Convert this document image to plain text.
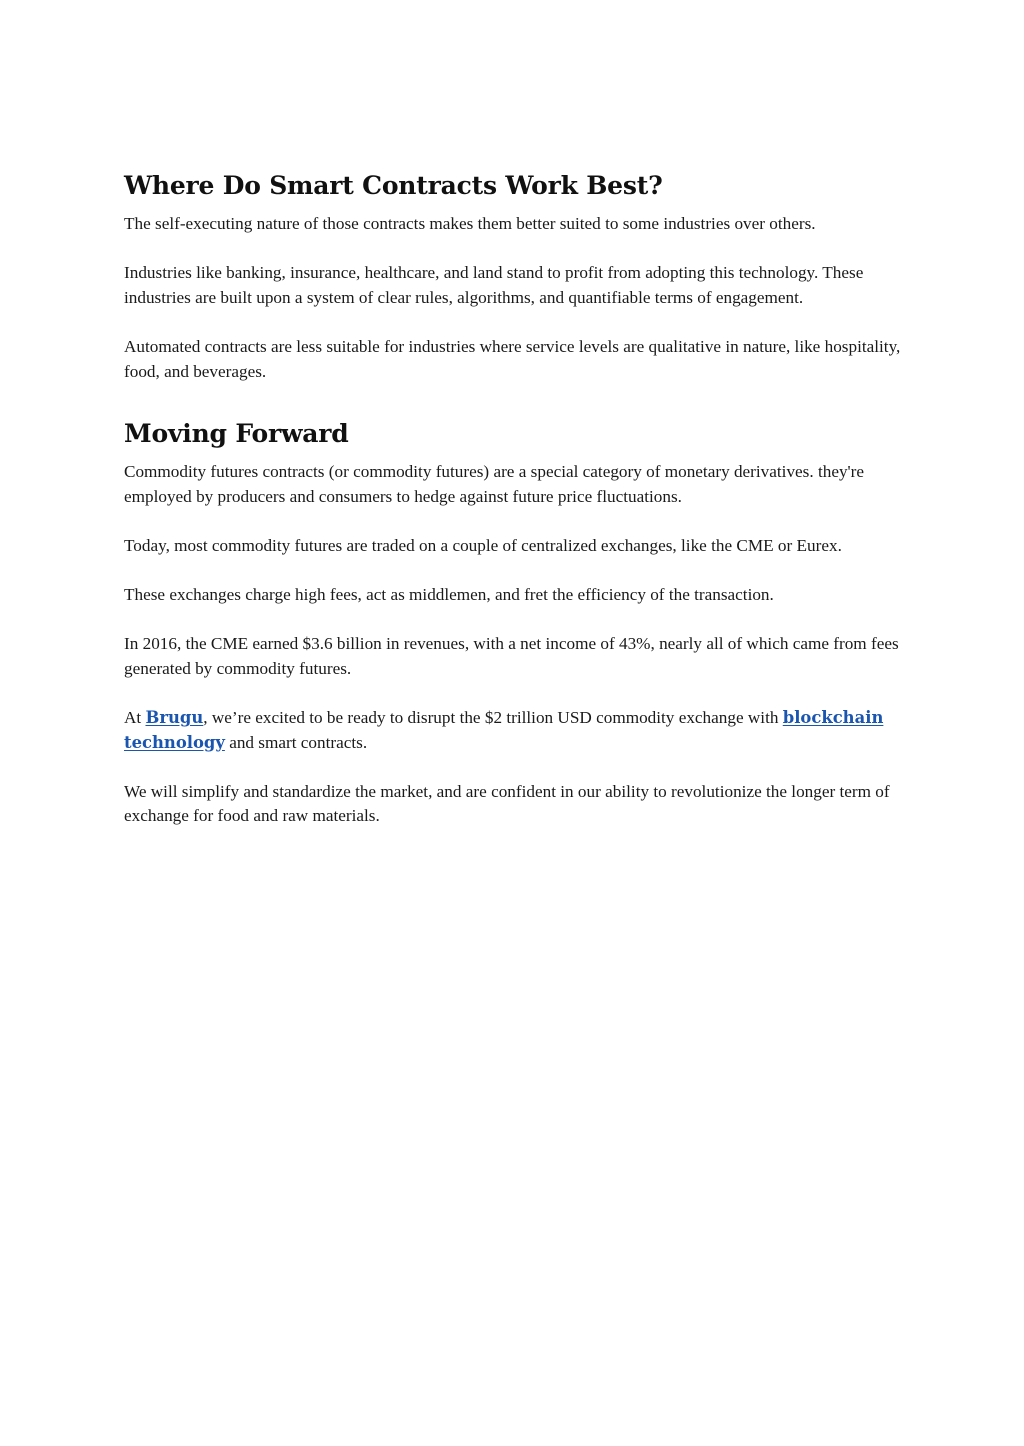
Where Do Smart Contracts Work Best?

The self-executing nature of those contracts makes them better suited to some industries over others.

Industries like banking, insurance, healthcare, and land stand to profit from adopting this technology. These industries are built upon a system of clear rules, algorithms, and quantifiable terms of engagement.

Automated contracts are less suitable for industries where service levels are qualitative in nature, like hospitality, food, and beverages.

Moving Forward

Commodity futures contracts (or commodity futures) are a special category of monetary derivatives. they're employed by producers and consumers to hedge against future price fluctuations.

Today, most commodity futures are traded on a couple of centralized exchanges, like the CME or Eurex.

These exchanges charge high fees, act as middlemen, and fret the efficiency of the transaction.

In 2016, the CME earned $3.6 billion in revenues, with a net income of 43%, nearly all of which came from fees generated by commodity futures.

At Brugu, we’re excited to be ready to disrupt the $2 trillion USD commodity exchange with blockchain technology and smart contracts.

We will simplify and standardize the market, and are confident in our ability to revolutionize the longer term of exchange for food and raw materials.
